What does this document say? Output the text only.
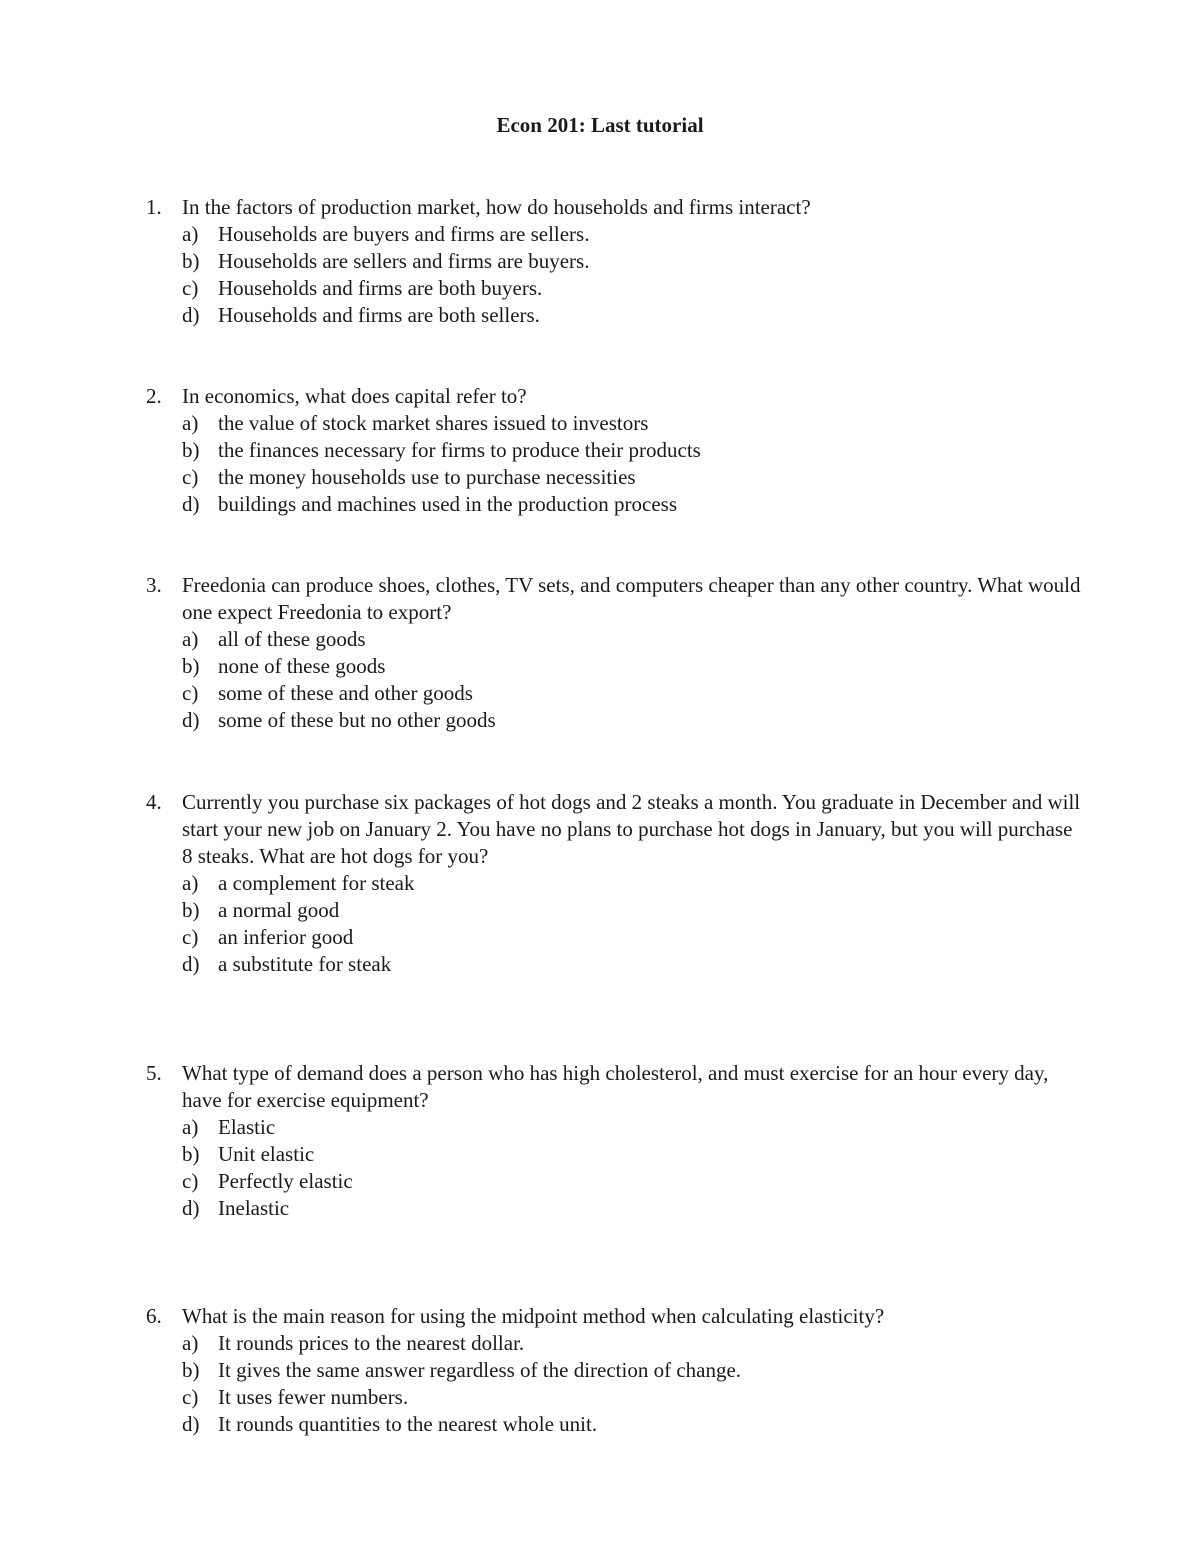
Econ 201: Last tutorial
1. In the factors of production market, how do households and firms interact?
a) Households are buyers and firms are sellers.
b) Households are sellers and firms are buyers.
c) Households and firms are both buyers.
d) Households and firms are both sellers.
2. In economics, what does capital refer to?
a) the value of stock market shares issued to investors
b) the finances necessary for firms to produce their products
c) the money households use to purchase necessities
d) buildings and machines used in the production process
3. Freedonia can produce shoes, clothes, TV sets, and computers cheaper than any other country. What would one expect Freedonia to export?
a) all of these goods
b) none of these goods
c) some of these and other goods
d) some of these but no other goods
4. Currently you purchase six packages of hot dogs and 2 steaks a month. You graduate in December and will start your new job on January 2. You have no plans to purchase hot dogs in January, but you will purchase 8 steaks. What are hot dogs for you?
a) a complement for steak
b) a normal good
c) an inferior good
d) a substitute for steak
5. What type of demand does a person who has high cholesterol, and must exercise for an hour every day, have for exercise equipment?
a) Elastic
b) Unit elastic
c) Perfectly elastic
d) Inelastic
6. What is the main reason for using the midpoint method when calculating elasticity?
a) It rounds prices to the nearest dollar.
b) It gives the same answer regardless of the direction of change.
c) It uses fewer numbers.
d) It rounds quantities to the nearest whole unit.
